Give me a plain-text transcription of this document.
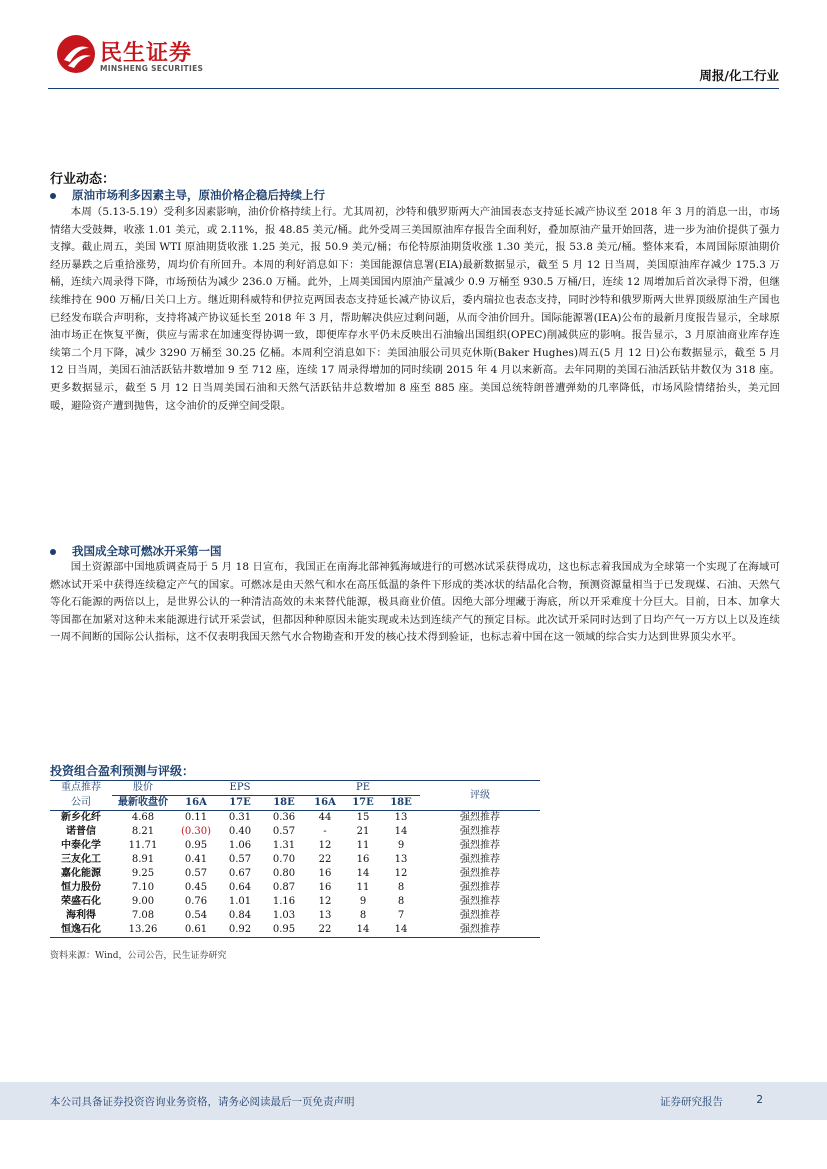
民生证券
MINSHENG SECURITIES	周报/化工行业
行业动态：
原油市场利多因素主导，原油价格企稳后持续上行
本周（5.13-5.19）受利多因素影响，油价价格持续上行。尤其周初，沙特和俄罗斯两大产油国表态支持延长减产协议至 2018 年 3 月的消息一出，市场情绪大受鼓舞，收涨 1.01 美元，或 2.11%，报 48.85 美元/桶。此外受周三美国原油库存报告全面利好，叠加原油产量开始回落，进一步为油价提供了强力支撑。截止周五，美国 WTI 原油期货收涨 1.25 美元，报 50.9 美元/桶；布伦特原油期货收涨 1.30 美元，报 53.8 美元/桶。整体来看，本周国际原油期价经历暴跌之后重拾涨势，周均价有所回升。本周的利好消息如下：美国能源信息署(EIA)最新数据显示，截至 5 月 12 日当周，美国原油库存减少 175.3 万桶，连续六周录得下降，市场预估为减少 236.0 万桶。此外，上周美国国内原油产量减少 0.9 万桶至 930.5 万桶/日，连续 12 周增加后首次录得下滑，但继续维持在 900 万桶/日关口上方。继近期科威特和伊拉克两国表态支持延长减产协议后，委内瑞拉也表态支持，同时沙特和俄罗斯两大世界顶级原油生产国也已经发布联合声明称，支持将减产协议延长至 2018 年 3 月，帮助解决供应过剩问题，从而令油价回升。国际能源署(IEA)公布的最新月度报告显示，全球原油市场正在恢复平衡，供应与需求在加速变得协调一致，即便库存水平仍未反映出石油输出国组织(OPEC)削减供应的影响。报告显示，3 月原油商业库存连续第二个月下降，减少 3290 万桶至 30.25 亿桶。本周利空消息如下：美国油服公司贝克休斯(Baker Hughes)周五(5 月 12 日)公布数据显示，截至 5 月 12 日当周，美国石油活跃钻井数增加 9 至 712 座，连续 17 周录得增加的同时续刷 2015 年 4 月以来新高。去年同期的美国石油活跃钻井数仅为 318 座。更多数据显示，截至 5 月 12 日当周美国石油和天然气活跃钻井总数增加 8 座至 885 座。美国总统特朗普遭弹劾的几率降低，市场风险情绪抬头，美元回暖，避险资产遭到抛售，这令油价的反弹空间受限。
我国成全球可燃冰开采第一国
国土资源部中国地质调查局于 5 月 18 日宣布，我国正在南海北部神狐海域进行的可燃冰试采获得成功，这也标志着我国成为全球第一个实现了在海域可燃冰试开采中获得连续稳定产气的国家。可燃冰是由天然气和水在高压低温的条件下形成的类冰状的结晶化合物，预测资源量相当于已发现煤、石油、天然气等化石能源的两倍以上，是世界公认的一种清洁高效的未来替代能源，极具商业价值。因绝大部分埋藏于海底，所以开采难度十分巨大。目前，日本、加拿大等国都在加紧对这种未来能源进行试开采尝试，但都因种种原因未能实现或未达到连续产气的预定目标。此次试开采同时达到了日均产气一万方以上以及连续一周不间断的国际公认指标，这不仅表明我国天然气水合物勘查和开发的核心技术得到验证，也标志着中国在这一领域的综合实力达到世界顶尖水平。
投资组合盈利预测与评级：
重点推荐	股价	EPS			PE			评级
公司	最新收盘价	16A	17E	18E	16A	17E	18E	
新乡化纤	4.68	0.11	0.31	0.36	44	15	13	强烈推荐
诺普信	8.21	(0.30)	0.40	0.57	-	21	14	强烈推荐
中泰化学	11.71	0.95	1.06	1.31	12	11	9	强烈推荐
三友化工	8.91	0.41	0.57	0.70	22	16	13	强烈推荐
嘉化能源	9.25	0.57	0.67	0.80	16	14	12	强烈推荐
恒力股份	7.10	0.45	0.64	0.87	16	11	8	强烈推荐
荣盛石化	9.00	0.76	1.01	1.16	12	9	8	强烈推荐
海利得	7.08	0.54	0.84	1.03	13	8	7	强烈推荐
恒逸石化	13.26	0.61	0.92	0.95	22	14	14	强烈推荐
资料来源：Wind，公司公告，民生证券研究
本公司具备证券投资咨询业务资格，请务必阅读最后一页免责声明	证券研究报告	2
